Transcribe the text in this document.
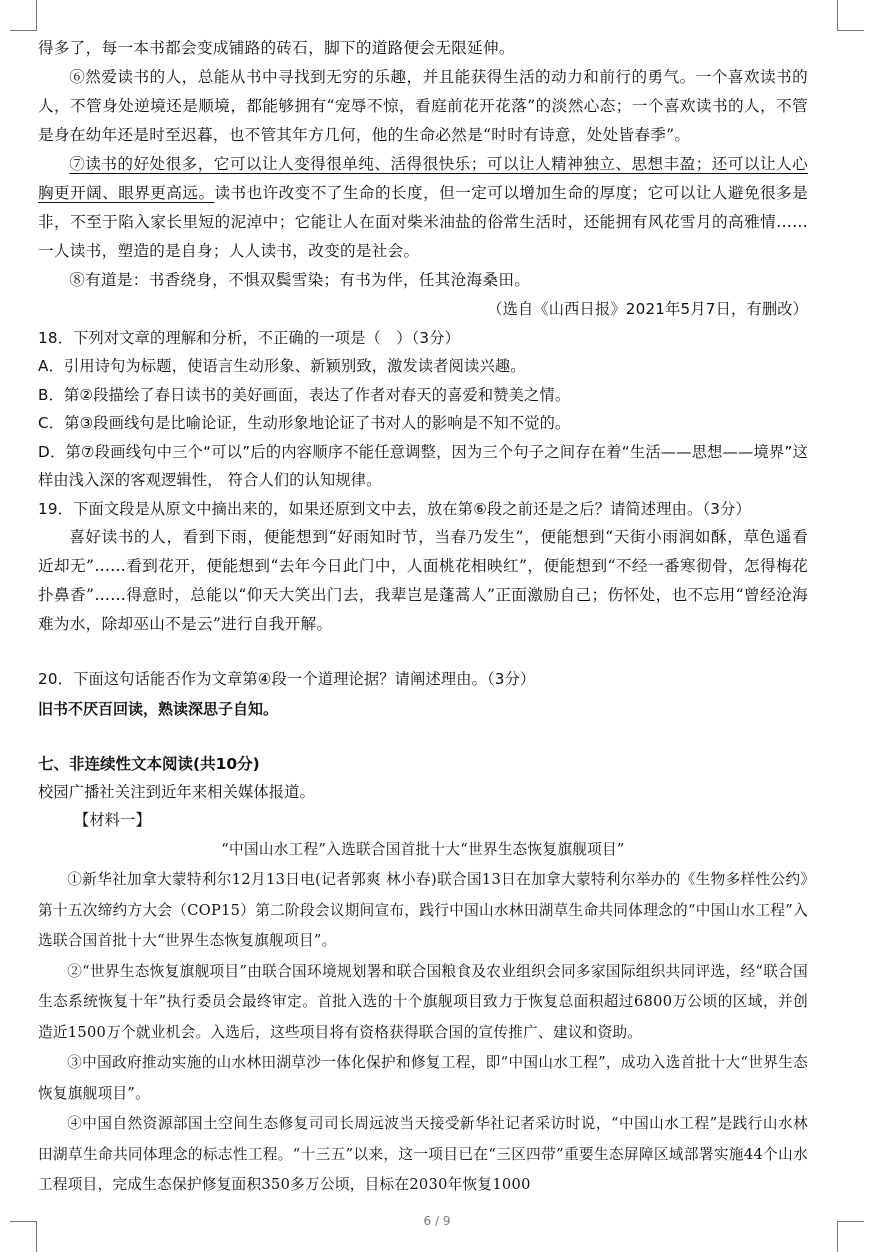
得多了，每一本书都会变成铺路的砖石，脚下的道路便会无限延伸。

⑥然爱读书的人，总能从书中寻找到无穷的乐趣，并且能获得生活的动力和前行的勇气。一个喜欢读书的人，不管身处逆境还是顺境，都能够拥有“宠辱不惊，看庭前花开花落”的淡然心态；一个喜欢读书的人，不管是身在幼年还是时至迟暮，也不管其年方几何，他的生命必然是“时时有诗意，处处皆春季”。

⑦读书的好处很多，它可以让人变得很单纯、活得很快乐；可以让人精神独立、思想丰盈；还可以让人心胸更开阔、眼界更高远。读书也许改变不了生命的长度，但一定可以增加生命的厚度；它可以让人避免很多是非，不至于陷入家长里短的泥淖中；它能让人在面对柴米油盐的俗常生活时，还能拥有风花雪月的高雅情……一人读书，塑造的是自身；人人读书，改变的是社会。

⑧有道是：书香绕身，不惧双鬓雪染；有书为伴，任其沧海桑田。

（选自《山西日报》2021年5月7日，有删改）

18．下列对文章的理解和分析，不正确的一项是（　）（3分）

A．引用诗句为标题，使语言生动形象、新颖别致，激发读者阅读兴趣。

B．第②段描绘了春日读书的美好画面，表达了作者对春天的喜爱和赞美之情。

C．第③段画线句是比喻论证，生动形象地论证了书对人的影响是不知不觉的。

D．第⑦段画线句中三个“可以”后的内容顺序不能任意调整，因为三个句子之间存在着“生活——思想——境界”这样由浅入深的客观逻辑性， 符合人们的认知规律。

19．下面文段是从原文中摘出来的，如果还原到文中去，放在第⑥段之前还是之后？请简述理由。（3分）

喜好读书的人，看到下雨，便能想到“好雨知时节，当春乃发生”，便能想到“天街小雨润如酥，草色遥看近却无”……看到花开，便能想到“去年今日此门中，人面桃花相映红”，便能想到“不经一番寒彻骨，怎得梅花扑鼻香”……得意时，总能以“仰天大笑出门去，我辈岂是蓬蒿人”正面激励自己；伤怀处，也不忘用“曾经沧海难为水，除却巫山不是云”进行自我开解。

20．下面这句话能否作为文章第④段一个道理论据？请阐述理由。（3分）

旧书不厌百回读，熟读深思子自知。

七、非连续性文本阅读(共10分)

校园广播社关注到近年来相关媒体报道。

【材料一】

“中国山水工程”入选联合国首批十大“世界生态恢复旗舰项目”

①新华社加拿大蒙特利尔12月13日电(记者郭爽 林小春)联合国13日在加拿大蒙特利尔举办的《生物多样性公约》第十五次缔约方大会（COP15）第二阶段会议期间宣布，践行中国山水林田湖草生命共同体理念的“中国山水工程”入选联合国首批十大“世界生态恢复旗舰项目”。

②“世界生态恢复旗舰项目”由联合国环境规划署和联合国粮食及农业组织会同多家国际组织共同评选，经“联合国生态系统恢复十年”执行委员会最终审定。首批入选的十个旗舰项目致力于恢复总面积超过6800万公顷的区域，并创造近1500万个就业机会。入选后，这些项目将有资格获得联合国的宣传推广、建议和资助。

③中国政府推动实施的山水林田湖草沙一体化保护和修复工程，即“中国山水工程”，成功入选首批十大“世界生态恢复旗舰项目”。

④中国自然资源部国土空间生态修复司司长周远波当天接受新华社记者采访时说，“中国山水工程”是践行山水林田湖草生命共同体理念的标志性工程。“十三五”以来，这一项目已在“三区四带”重要生态屏障区域部署实施44个山水工程项目，完成生态保护修复面积350多万公顷，目标在2030年恢复1000

6 / 9
